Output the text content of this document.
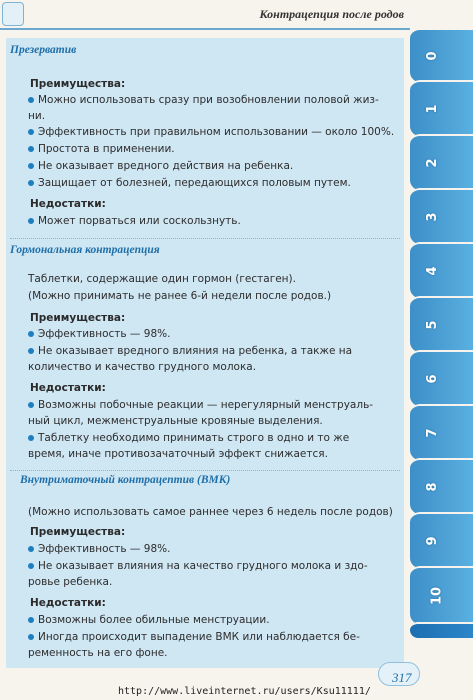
Контрацепция после родов
0
1
2
3
4
5
6
7
8
9
10
Презерватив
Преимущества:
Можно использовать сразу при возобновлении половой жиз-
ни.
Эффективность при правильном использовании — около 100%.
Простота в применении.
Не оказывает вредного действия на ребенка.
Защищает от болезней, передающихся половым путем.
Недостатки:
Может порваться или соскользнуть.
Гормональная контрацепция
Таблетки, содержащие один гормон (гестаген).
(Можно принимать не ранее 6-й недели после родов.)
Преимущества:
Эффективность — 98%.
Не оказывает вредного влияния на ребенка, а также на
количество и качество грудного молока.
Недостатки:
Возможны побочные реакции — нерегулярный менструаль-
ный цикл, межменструальные кровяные выделения.
Таблетку необходимо принимать строго в одно и то же
время, иначе противозачаточный эффект снижается.
Внутриматочный контрацептив (ВМК)
(Можно использовать самое раннее через 6 недель после родов)
Преимущества:
Эффективность — 98%.
Не оказывает влияния на качество грудного молока и здо-
ровье ребенка.
Недостатки:
Возможны более обильные менструации.
Иногда происходит выпадение ВМК или наблюдается бе-
ременность на его фоне.
317
http://www.liveinternet.ru/users/Ksu11111/
